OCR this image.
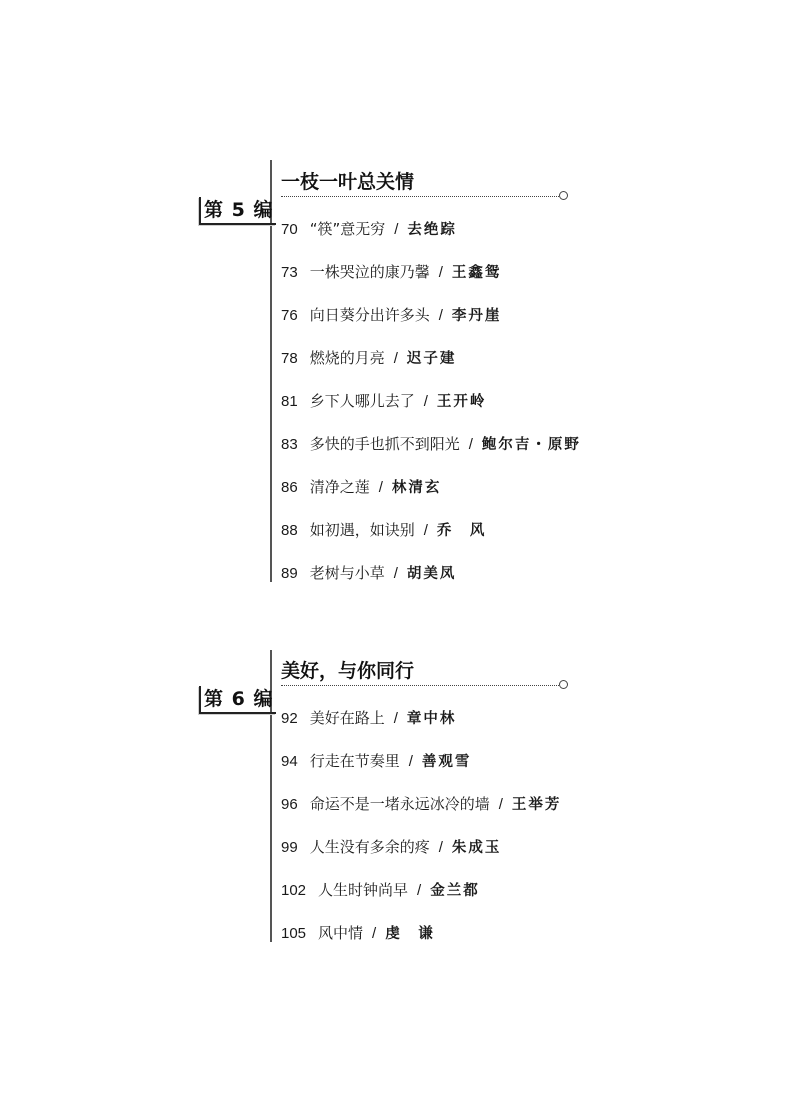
第 5 编
一枝一叶总关情
70 “筷”意无穷 / 去绝踪
73 一株哭泣的康乃馨 / 王鑫鸳
76 向日葵分出许多头 / 李丹崖
78 燃烧的月亮 / 迟子建
81 乡下人哪儿去了 / 王开岭
83 多快的手也抓不到阳光 / 鲍尔吉・原野
86 清净之莲 / 林清玄
88 如初遇，如诀别 / 乔　风
89 老树与小草 / 胡美凤
第 6 编
美好，与你同行
92 美好在路上 / 章中林
94 行走在节奏里 / 善观雪
96 命运不是一堵永远冰冷的墙 / 王举芳
99 人生没有多余的疼 / 朱成玉
102 人生时钟尚早 / 金兰都
105 风中情 / 虔　谦
